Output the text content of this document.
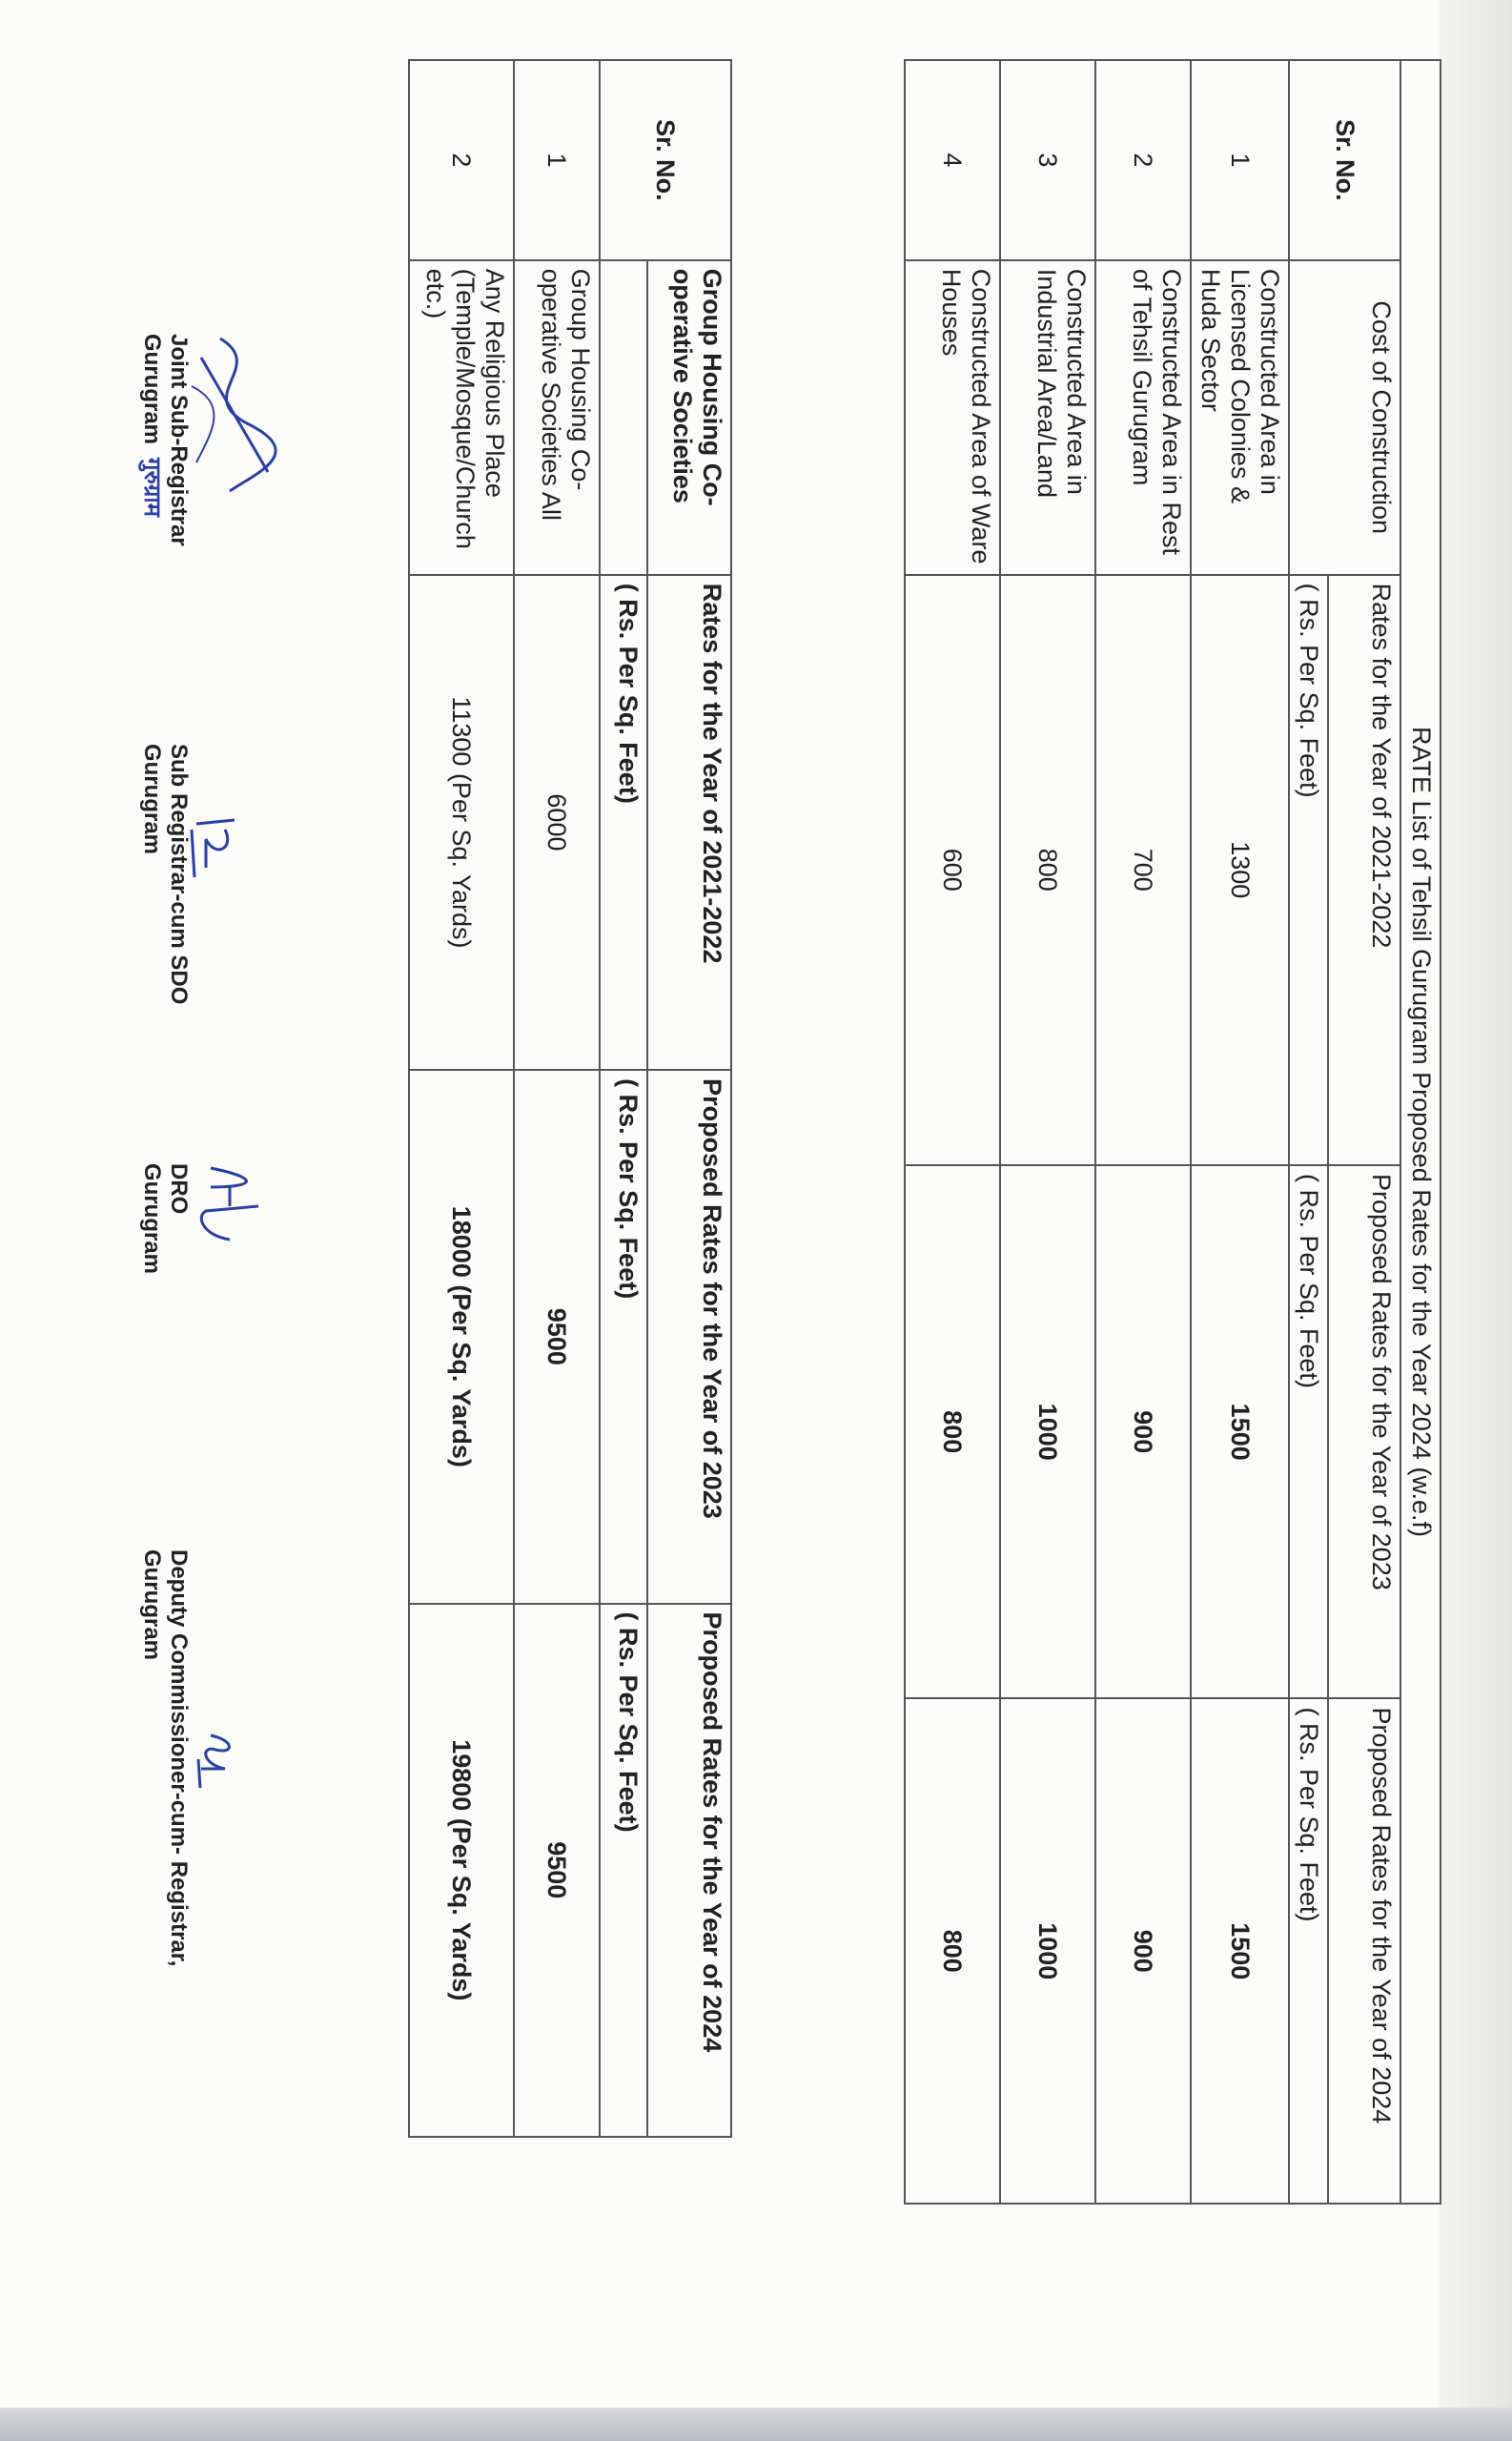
RATE List of Tehsil Gurugram Proposed Rates for the Year 2024 (w.e.f)				
Sr. No.	Cost of Construction	Rates for the Year of 2021-2022	Proposed Rates for the Year of 2023	Proposed Rates for the Year of 2024
		( Rs. Per Sq. Feet)	( Rs. Per Sq. Feet)	( Rs. Per Sq. Feet)
1	Constructed Area in Licensed Colonies & Huda Sector	1300	1500	1500
2	Constructed Area in Rest of Tehsil Gurugram	700	900	900
3	Constructed Area in Industrial Area/Land	800	1000	1000
4	Constructed Area of Ware Houses	600	800	800
Sr. No.	Group Housing Co-operative Societies	Rates for the Year of 2021-2022	Proposed Rates for the Year of 2023	Proposed Rates for the Year of 2024
		( Rs. Per Sq. Feet)	( Rs. Per Sq. Feet)	( Rs. Per Sq. Feet)
1	Group Housing Co-operative Societies All	6000	9500	9500
2	Any Religious Place (Temple/Mosque/Church etc.)	11300 (Per Sq. Yards)	18000 (Per Sq. Yards)	19800 (Per Sq. Yards)
Joint Sub-Registrar
Gurugram
गुरुग्राम
Sub Registrar-cum SDO
Gurugram
DRO
Gurugram
Deputy Commissioner-cum- Registrar,
Gurugram
